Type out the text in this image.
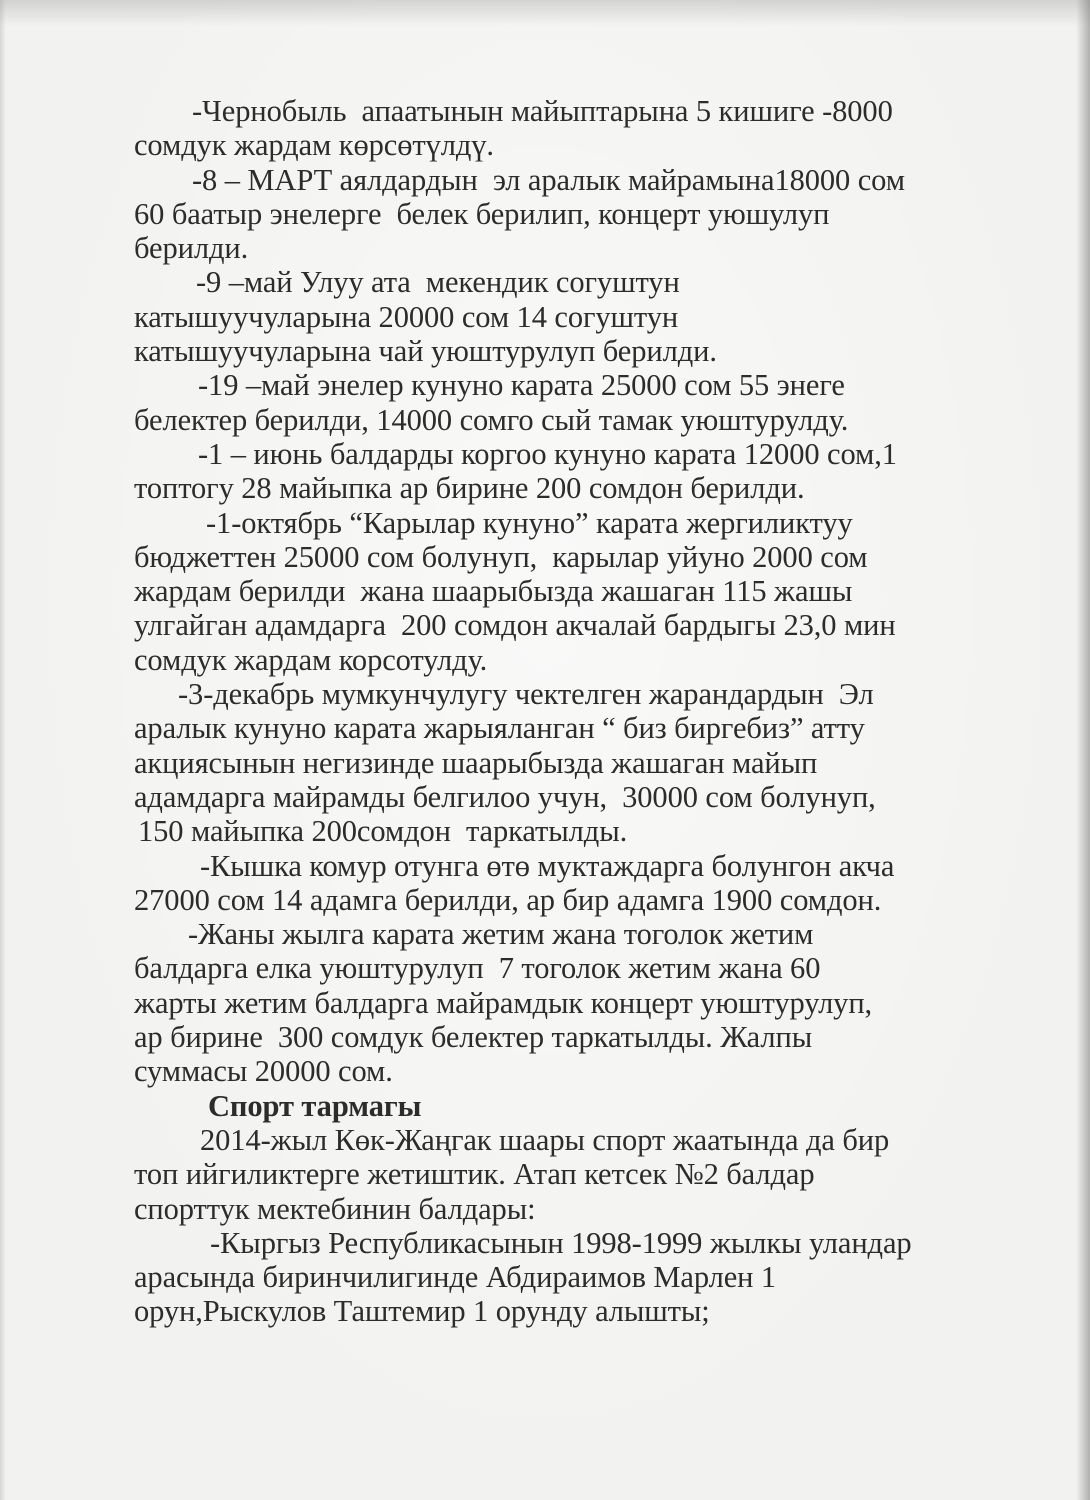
-Чернобыль  апаатынын майыптарына 5 кишиге -8000
сомдук жардам көрсөтүлдү.
-8 – МАРТ аялдардын  эл аралык майрамына18000 сом
60 баатыр энелерге  белек берилип, концерт уюшулуп
берилди.
-9 –май Улуу ата  мекендик согуштун
катышуучуларына 20000 сом 14 согуштун
катышуучуларына чай уюштурулуп берилди.
-19 –май энелер кунуно карата 25000 сом 55 энеге
белектер берилди, 14000 сомго сый тамак уюштурулду.
-1 – июнь балдарды коргоо кунуно карата 12000 сом,1
топтогу 28 майыпка ар бирине 200 сомдон берилди.
-1-октябрь “Карылар кунуно” карата жергиликтуу
бюджеттен 25000 сом болунуп,  карылар уйуно 2000 сом
жардам берилди  жана шаарыбызда жашаган 115 жашы
улгайган адамдарга  200 сомдон акчалай бардыгы 23,0 мин
сомдук жардам корсотулду.
-3-декабрь мумкунчулугу чектелген жарандардын  Эл
аралык кунуно карата жарыяланган “ биз биргебиз” атту
акциясынын негизинде шаарыбызда жашаган майып
адамдарга майрамды белгилоо учун,  30000 сом болунуп,
150 майыпка 200сомдон  таркатылды.
-Кышка комур отунга өтө муктаждарга болунгон акча
27000 сом 14 адамга берилди, ар бир адамга 1900 сомдон.
-Жаны жылга карата жетим жана тоголок жетим
балдарга елка уюштурулуп  7 тоголок жетим жана 60
жарты жетим балдарга майрамдык концерт уюштурулуп,
ар бирине  300 сомдук белектер таркатылды. Жалпы
суммасы 20000 сом.
Спорт тармагы
2014-жыл Көк-Жаңгак шаары спорт жаатында да бир
топ ийгиликтерге жетиштик. Атап кетсек №2 балдар
спорттук мектебинин балдары:
-Кыргыз Республикасынын 1998-1999 жылкы уландар
арасында биринчилигинде Абдираимов Марлен 1
орун,Рыскулов Таштемир 1 орунду алышты;
